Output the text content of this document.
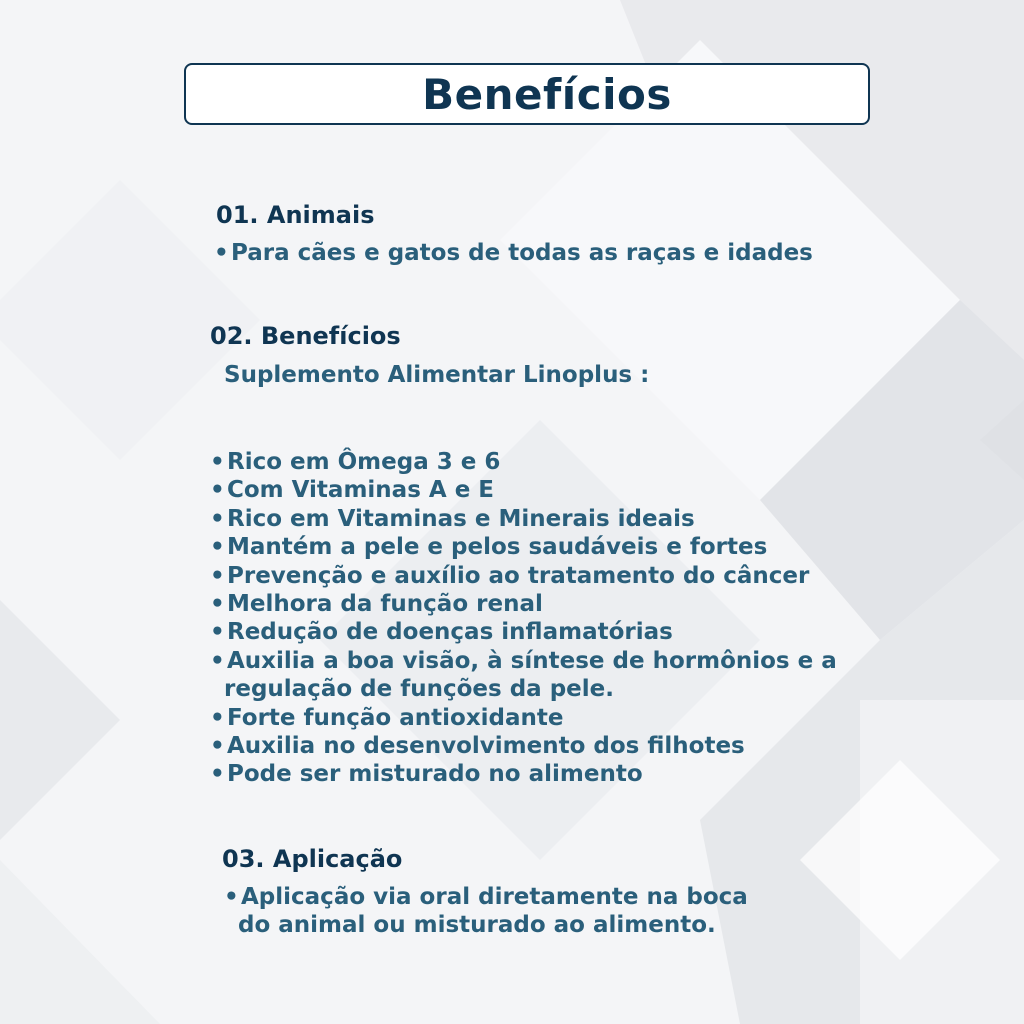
Benefícios
01. Animais

•Para cães e gatos de todas as raças e idades

02. Benefícios

Suplemento Alimentar Linoplus :

•Rico em Ômega 3 e 6
•Com Vitaminas A e E
•Rico em Vitaminas e Minerais ideais
•Mantém a pele e pelos saudáveis e fortes
•Prevenção e auxílio ao tratamento do câncer
•Melhora da função renal
•Redução de doenças inflamatórias
•Auxilia a boa visão, à síntese de hormônios e a
regulação de funções da pele.
•Forte função antioxidante
•Auxilia no desenvolvimento dos filhotes
•Pode ser misturado no alimento
03. Aplicação

•Aplicação via oral diretamente na boca

do animal ou misturado ao alimento.
